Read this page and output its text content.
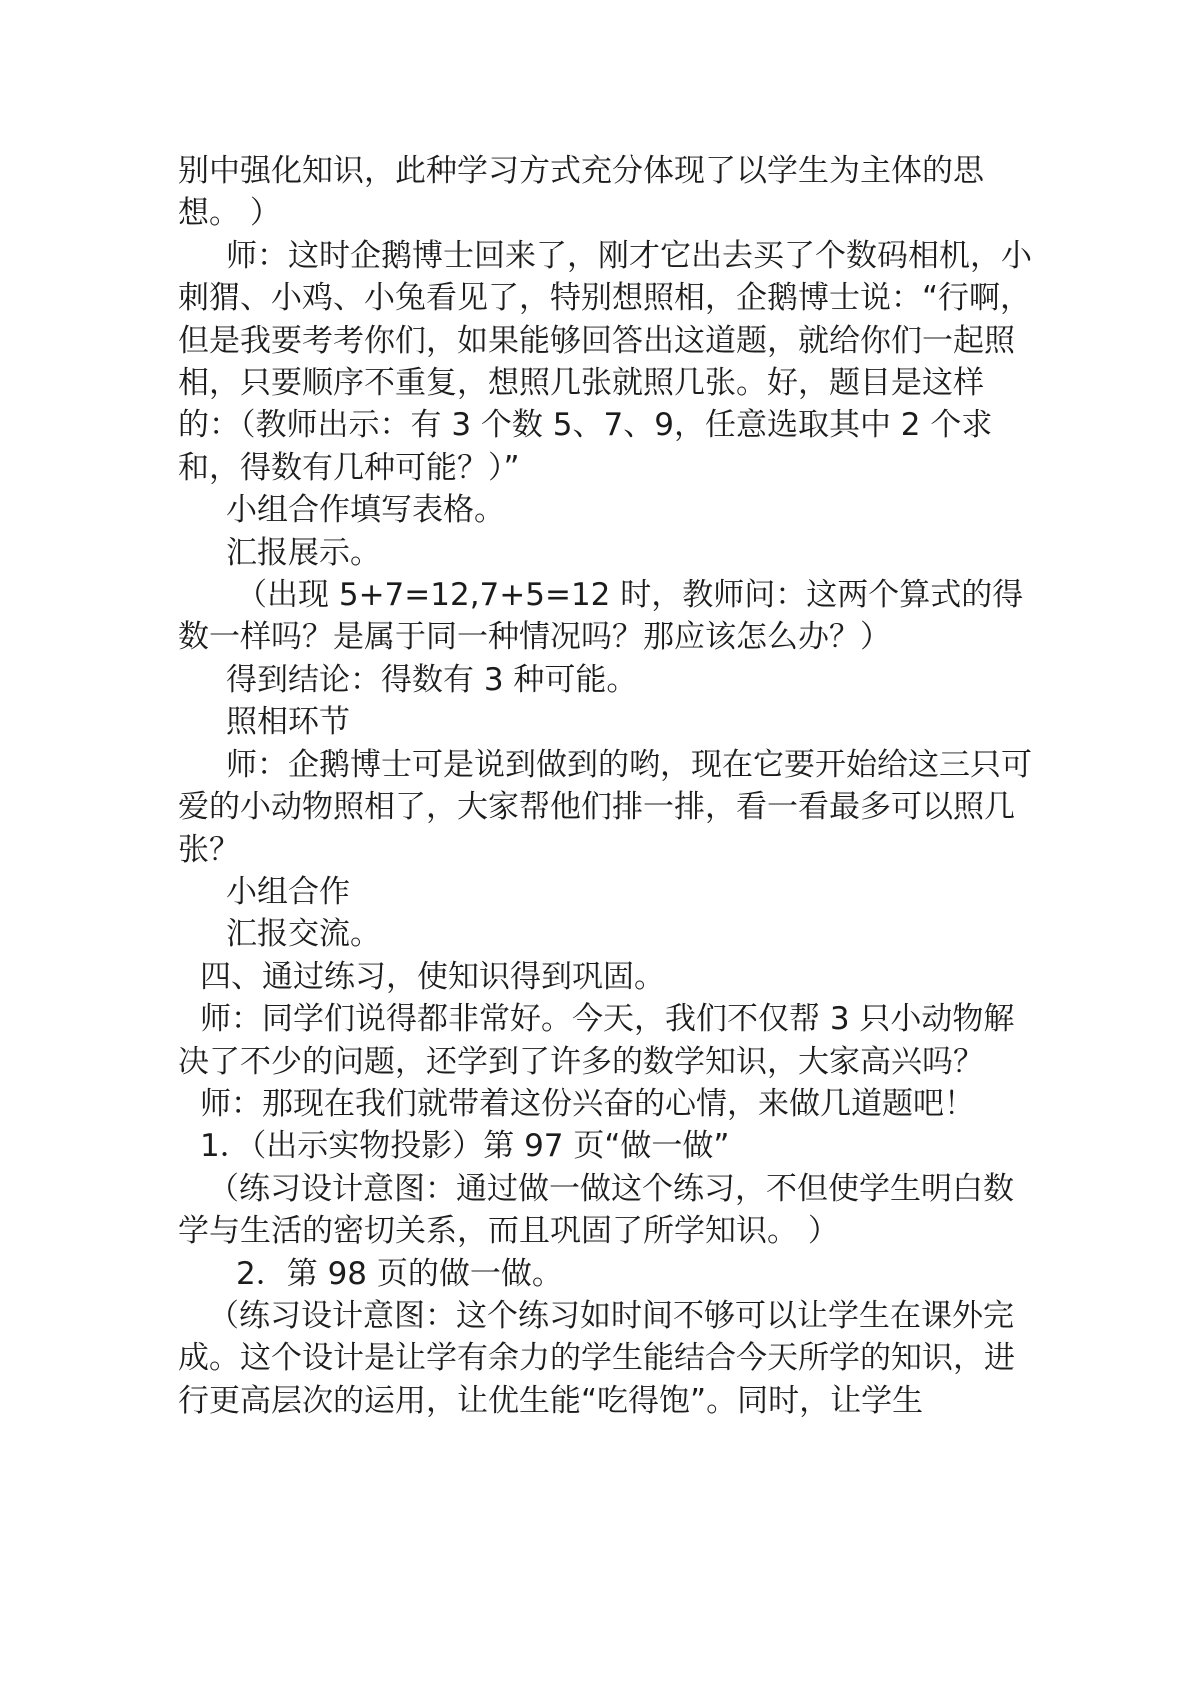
别中强化知识，此种学习方式充分体现了以学生为主体的思想。 ）

师：这时企鹅博士回来了，刚才它出去买了个数码相机，小刺猬、小鸡、小兔看见了，特别想照相，企鹅博士说：“行啊，但是我要考考你们，如果能够回答出这道题，就给你们一起照相，只要顺序不重复，想照几张就照几张。好，题目是这样的：（教师出示：有 3 个数 5、7、9，任意选取其中 2 个求和，得数有几种可能？）”

小组合作填写表格。

汇报展示。

（出现 5+7=12,7+5=12 时，教师问：这两个算式的得数一样吗？是属于同一种情况吗？那应该怎么办？）

得到结论：得数有 3 种可能。

照相环节

师：企鹅博士可是说到做到的哟，现在它要开始给这三只可爱的小动物照相了，大家帮他们排一排，看一看最多可以照几张？

小组合作

汇报交流。

四、通过练习，使知识得到巩固。

师：同学们说得都非常好。今天，我们不仅帮 3 只小动物解决了不少的问题，还学到了许多的数学知识，大家高兴吗？

师：那现在我们就带着这份兴奋的心情，来做几道题吧！

1．（出示实物投影）第 97 页“做一做”

（练习设计意图：通过做一做这个练习，不但使学生明白数学与生活的密切关系，而且巩固了所学知识。 ）

2．第 98 页的做一做。

（练习设计意图：这个练习如时间不够可以让学生在课外完成。这个设计是让学有余力的学生能结合今天所学的知识，进行更高层次的运用，让优生能“吃得饱”。同时，让学生
